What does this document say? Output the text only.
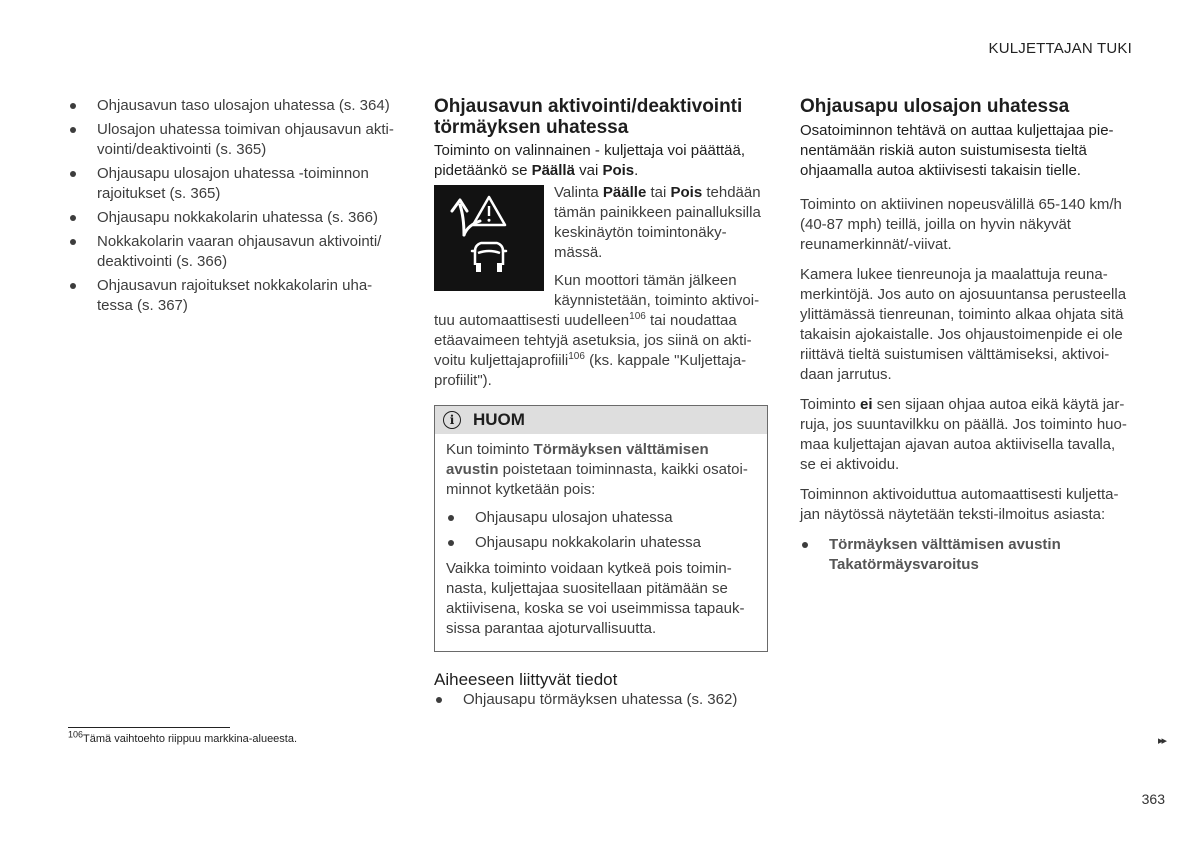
KULJETTAJAN TUKI
Ohjausavun taso ulosajon uhatessa (s. 364)
Ulosajon uhatessa toimivan ohjausavun akti-vointi/deaktivointi (s. 365)
Ohjausapu ulosajon uhatessa -toiminnon rajoitukset (s. 365)
Ohjausapu nokkakolarin uhatessa (s. 366)
Nokkakolarin vaaran ohjausavun aktivointi/ deaktivointi (s. 366)
Ohjausavun rajoitukset nokkakolarin uha-tessa (s. 367)
Ohjausavun aktivointi/deaktivointi törmäyksen uhatessa

Toiminto on valinnainen - kuljettaja voi päättää, pidetäänkö se Päällä vai Pois.

Valinta Päälle tai Pois tehdään tämän painikkeen painalluksilla keskinäytön toimintonäky-mässä.

Kun moottori tämän jälkeen käynnistetään, toiminto aktivoi-tuu automaattisesti uudelleen$^{106}$ tai noudattaa etäavaimeen tehtyjä asetuksia, jos siinä on akti-voitu kuljettajaprofiili$^{106}$ (ks. kappale "Kuljettaja-profiilit").

i	HUOM

Kun toiminto Törmäyksen välttämisen avustin poistetaan toiminnasta, kaikki osatoi-minnot kytketään pois:

Ohjausapu ulosajon uhatessa
Ohjausapu nokkakolarin uhatessa

Vaikka toiminto voidaan kytkeä pois toimin-nasta, kuljettajaa suositellaan pitämään se aktiivisena, koska se voi useimmissa tapauk-sissa parantaa ajoturvallisuutta.

Aiheeseen liittyvät tiedot
Ohjausapu törmäyksen uhatessa (s. 362)
Ohjausapu ulosajon uhatessa

Osatoiminnon tehtävä on auttaa kuljettajaa pie-nentämään riskiä auton suistumisesta tieltä ohjaamalla autoa aktiivisesti takaisin tielle.

Toiminto on aktiivinen nopeusvälillä 65-140 km/h (40-87 mph) teillä, joilla on hyvin näkyvät reunamerkinnät/-viivat.

Kamera lukee tienreunoja ja maalattuja reuna-merkintöjä. Jos auto on ajosuuntansa perusteella ylittämässä tienreunan, toiminto alkaa ohjata sitä takaisin ajokaistalle. Jos ohjaustoimenpide ei ole riittävä tieltä suistumisen välttämiseksi, aktivoi-daan jarrutus.

Toiminto ei sen sijaan ohjaa autoa eikä käytä jar-ruja, jos suuntavilkku on päällä. Jos toiminto huo-maa kuljettajan ajavan autoa aktiivisella tavalla, se ei aktivoidu.

Toiminnon aktivoiduttua automaattisesti kuljetta-jan näytössä näytetään teksti-ilmoitus asiasta:

Törmäyksen välttämisen avustin
Takatörmäysvaroitus
$^{106}$Tämä vaihtoehto riippuu markkina-alueesta.	▸▸
363
